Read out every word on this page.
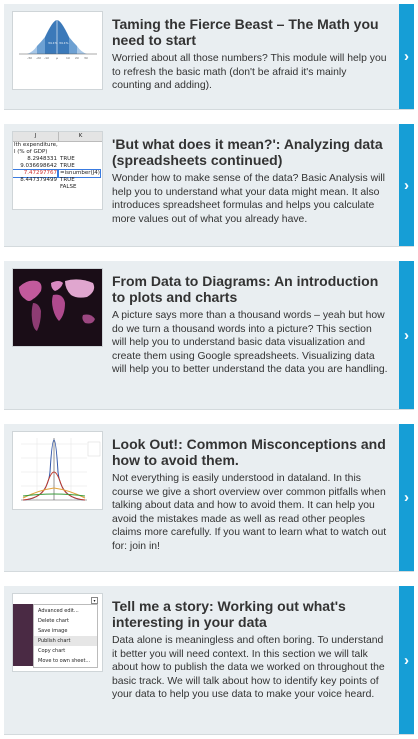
-3σ -2σ -1σ μ	1σ 2σ 3σ
34.1% 34.1%
Taming the Fierce Beast – The Math you need to start
Worried about all those numbers? This module will help you to refresh the basic math (don't be afraid it's mainly counting and adding).
›
J	K
lth expenditure,
l (% of GDP)
8.2948331 TRUE
9.036698642 TRUE
7.47297767 =isnumber(J4)
8.447379499 TRUE
FALSE
'But what does it mean?': Analyzing data (spreadsheets continued)
Wonder how to make sense of the data? Basic Analysis will help you to understand what your data might mean. It also introduces spreadsheet formulas and helps you calculate more values out of what you already have.
›
From Data to Diagrams: An introduction to plots and charts
A picture says more than a thousand words – yeah but how do we turn a thousand words into a picture? This section will help you to understand basic data visualization and create them using Google spreadsheets. Visualizing data will help you to better understand the data you are handling.
›
Look Out!: Common Misconceptions and how to avoid them.
Not everything is easily understood in dataland. In this course we give a short overview over common pitfalls when talking about data and how to avoid them. It can help you avoid the mistakes made as well as read other peoples claims more carefully. If you want to learn what to watch out for: join in!
›
▾
Advanced edit...
Delete chart
Save image
Publish chart
Copy chart
Move to own sheet...
Tell me a story: Working out what's interesting in your data
Data alone is meaningless and often boring. To understand it better you will need context. In this section we will talk about how to publish the data we worked on throughout the basic track. We will talk about how to identify key points of your data to help you use data to make your voice heard.
›
